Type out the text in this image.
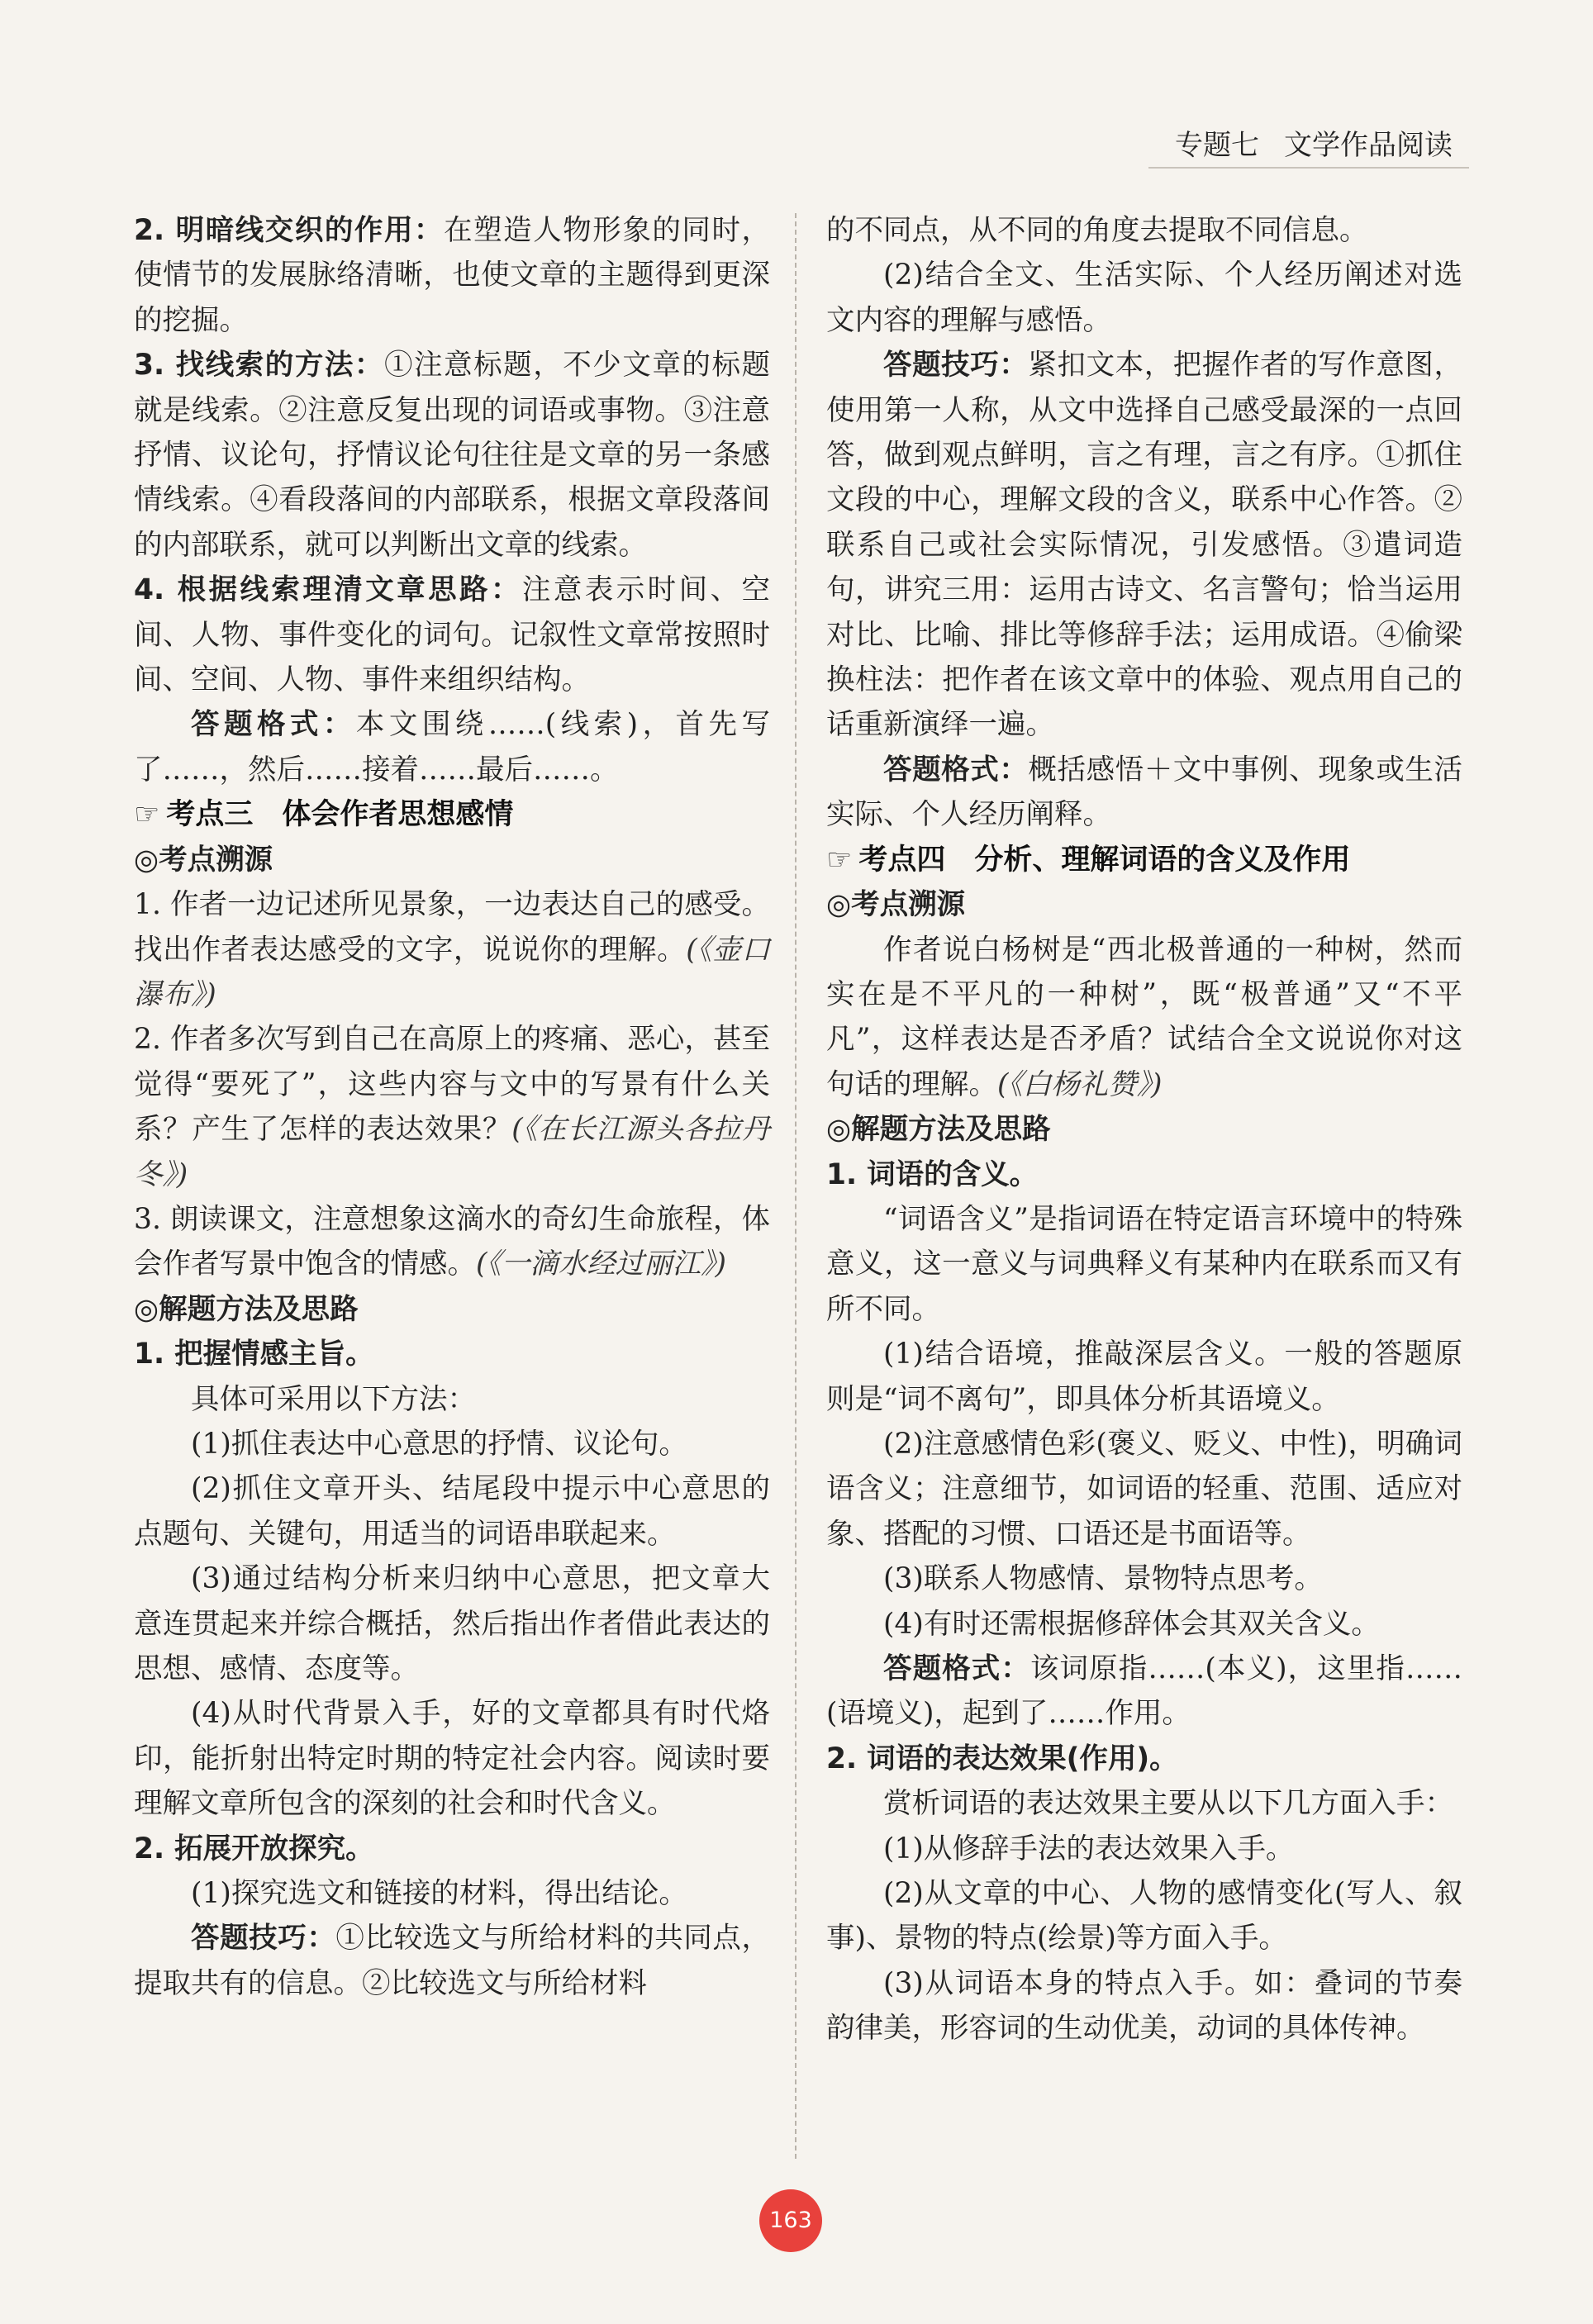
专题七 文学作品阅读

2. 明暗线交织的作用：在塑造人物形象的同时，使情节的发展脉络清晰，也使文章的主题得到更深的挖掘。

3. 找线索的方法：①注意标题，不少文章的标题就是线索。②注意反复出现的词语或事物。③注意抒情、议论句，抒情议论句往往是文章的另一条感情线索。④看段落间的内部联系，根据文章段落间的内部联系，就可以判断出文章的线索。

4. 根据线索理清文章思路：注意表示时间、空间、人物、事件变化的词句。记叙性文章常按照时间、空间、人物、事件来组织结构。

答题格式：本文围绕……(线索)，首先写了……，然后……接着……最后……。

☞ 考点三　体会作者思想感情

◎考点溯源

1. 作者一边记述所见景象，一边表达自己的感受。找出作者表达感受的文字，说说你的理解。(《壶口瀑布》)

2. 作者多次写到自己在高原上的疼痛、恶心，甚至觉得“要死了”，这些内容与文中的写景有什么关系？产生了怎样的表达效果？(《在长江源头各拉丹冬》)

3. 朗读课文，注意想象这滴水的奇幻生命旅程，体会作者写景中饱含的情感。(《一滴水经过丽江》)

◎解题方法及思路

1. 把握情感主旨。

具体可采用以下方法：

(1)抓住表达中心意思的抒情、议论句。

(2)抓住文章开头、结尾段中提示中心意思的点题句、关键句，用适当的词语串联起来。

(3)通过结构分析来归纳中心意思，把文章大意连贯起来并综合概括，然后指出作者借此表达的思想、感情、态度等。

(4)从时代背景入手，好的文章都具有时代烙印，能折射出特定时期的特定社会内容。阅读时要理解文章所包含的深刻的社会和时代含义。

2. 拓展开放探究。

(1)探究选文和链接的材料，得出结论。

答题技巧：①比较选文与所给材料的共同点，提取共有的信息。②比较选文与所给材料

的不同点，从不同的角度去提取不同信息。

(2)结合全文、生活实际、个人经历阐述对选文内容的理解与感悟。

答题技巧：紧扣文本，把握作者的写作意图，使用第一人称，从文中选择自己感受最深的一点回答，做到观点鲜明，言之有理，言之有序。①抓住文段的中心，理解文段的含义，联系中心作答。②联系自己或社会实际情况，引发感悟。③遣词造句，讲究三用：运用古诗文、名言警句；恰当运用对比、比喻、排比等修辞手法；运用成语。④偷梁换柱法：把作者在该文章中的体验、观点用自己的话重新演绎一遍。

答题格式：概括感悟＋文中事例、现象或生活实际、个人经历阐释。

☞ 考点四　分析、理解词语的含义及作用

◎考点溯源

作者说白杨树是“西北极普通的一种树，然而实在是不平凡的一种树”，既“极普通”又“不平凡”，这样表达是否矛盾？试结合全文说说你对这句话的理解。(《白杨礼赞》)

◎解题方法及思路

1. 词语的含义。

“词语含义”是指词语在特定语言环境中的特殊意义，这一意义与词典释义有某种内在联系而又有所不同。

(1)结合语境，推敲深层含义。一般的答题原则是“词不离句”，即具体分析其语境义。

(2)注意感情色彩(褒义、贬义、中性)，明确词语含义；注意细节，如词语的轻重、范围、适应对象、搭配的习惯、口语还是书面语等。

(3)联系人物感情、景物特点思考。

(4)有时还需根据修辞体会其双关含义。

答题格式：该词原指……(本义)，这里指……(语境义)，起到了……作用。

2. 词语的表达效果(作用)。

赏析词语的表达效果主要从以下几方面入手：

(1)从修辞手法的表达效果入手。

(2)从文章的中心、人物的感情变化(写人、叙事)、景物的特点(绘景)等方面入手。

(3)从词语本身的特点入手。如：叠词的节奏韵律美，形容词的生动优美，动词的具体传神。

163
